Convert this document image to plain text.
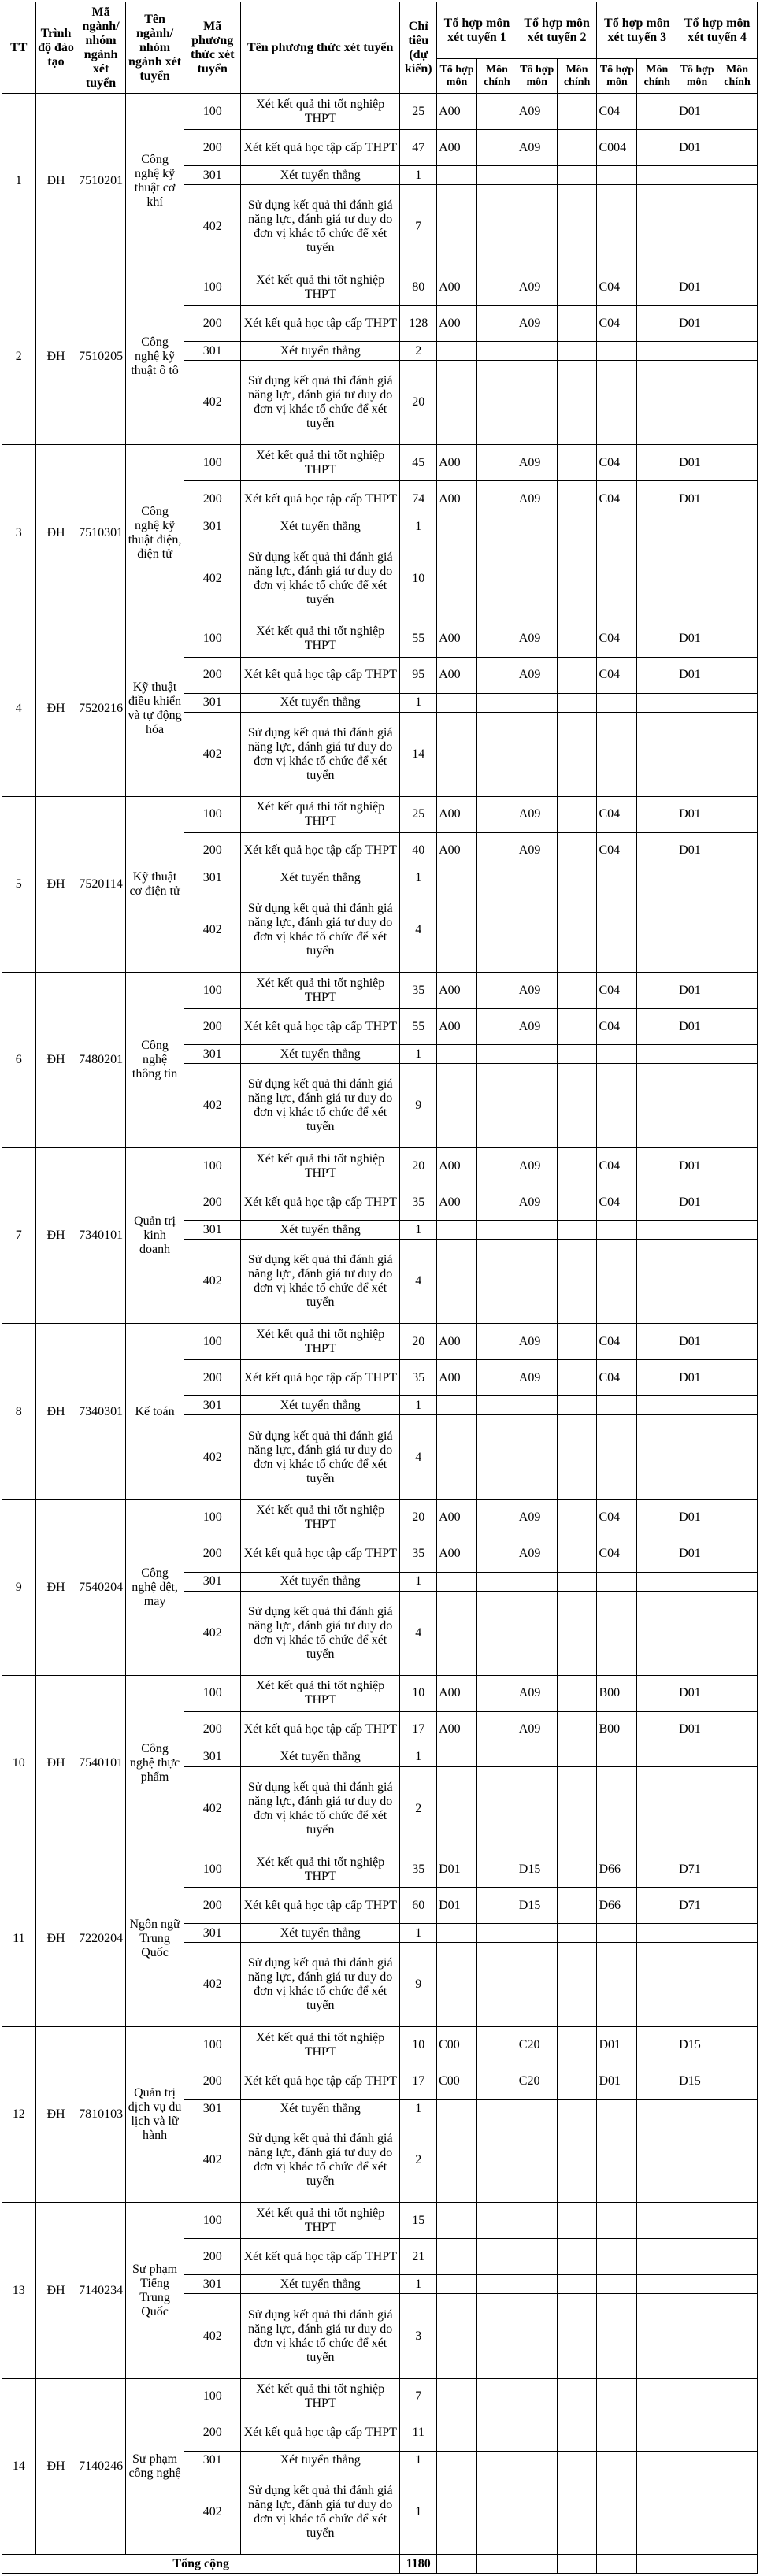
TT	Trình độ đào tạo	Mã ngành/ nhóm ngành xét tuyển	Tên ngành/ nhóm ngành xét tuyển	Mã phương thức xét tuyển	Tên phương thức xét tuyển	Chỉ tiêu (dự kiến)	Tổ hợp môn xét tuyển 1		Tổ hợp môn xét tuyển 2		Tổ hợp môn xét tuyển 3		Tổ hợp môn xét tuyển 4	
							Tổ hợp môn	Môn chính	Tổ hợp môn	Môn chính	Tổ hợp môn	Môn chính	Tổ hợp môn	Môn chính
1	ĐH	7510201	Công nghệ kỹ thuật cơ khí	100	Xét kết quả thi tốt nghiệp THPT	25	A00		A09		C04		D01	
				200	Xét kết quả học tập cấp THPT	47	A00		A09		C004		D01	
				301	Xét tuyển thẳng	1								
				402	Sử dụng kết quả thi đánh giá năng lực, đánh giá tư duy do đơn vị khác tổ chức để xét tuyển	7								
2	ĐH	7510205	Công nghệ kỹ thuật ô tô	100	Xét kết quả thi tốt nghiệp THPT	80	A00		A09		C04		D01	
				200	Xét kết quả học tập cấp THPT	128	A00		A09		C04		D01	
				301	Xét tuyển thẳng	2								
				402	Sử dụng kết quả thi đánh giá năng lực, đánh giá tư duy do đơn vị khác tổ chức để xét tuyển	20								
3	ĐH	7510301	Công nghệ kỹ thuật điện, điện tử	100	Xét kết quả thi tốt nghiệp THPT	45	A00		A09		C04		D01	
				200	Xét kết quả học tập cấp THPT	74	A00		A09		C04		D01	
				301	Xét tuyển thẳng	1								
				402	Sử dụng kết quả thi đánh giá năng lực, đánh giá tư duy do đơn vị khác tổ chức để xét tuyển	10								
4	ĐH	7520216	Kỹ thuật điều khiển và tự động hóa	100	Xét kết quả thi tốt nghiệp THPT	55	A00		A09		C04		D01	
				200	Xét kết quả học tập cấp THPT	95	A00		A09		C04		D01	
				301	Xét tuyển thẳng	1								
				402	Sử dụng kết quả thi đánh giá năng lực, đánh giá tư duy do đơn vị khác tổ chức để xét tuyển	14								
5	ĐH	7520114	Kỹ thuật cơ điện tử	100	Xét kết quả thi tốt nghiệp THPT	25	A00		A09		C04		D01	
				200	Xét kết quả học tập cấp THPT	40	A00		A09		C04		D01	
				301	Xét tuyển thẳng	1								
				402	Sử dụng kết quả thi đánh giá năng lực, đánh giá tư duy do đơn vị khác tổ chức để xét tuyển	4								
6	ĐH	7480201	Công nghệ thông tin	100	Xét kết quả thi tốt nghiệp THPT	35	A00		A09		C04		D01	
				200	Xét kết quả học tập cấp THPT	55	A00		A09		C04		D01	
				301	Xét tuyển thẳng	1								
				402	Sử dụng kết quả thi đánh giá năng lực, đánh giá tư duy do đơn vị khác tổ chức để xét tuyển	9								
7	ĐH	7340101	Quản trị kinh doanh	100	Xét kết quả thi tốt nghiệp THPT	20	A00		A09		C04		D01	
				200	Xét kết quả học tập cấp THPT	35	A00		A09		C04		D01	
				301	Xét tuyển thẳng	1								
				402	Sử dụng kết quả thi đánh giá năng lực, đánh giá tư duy do đơn vị khác tổ chức để xét tuyển	4								
8	ĐH	7340301	Kế toán	100	Xét kết quả thi tốt nghiệp THPT	20	A00		A09		C04		D01	
				200	Xét kết quả học tập cấp THPT	35	A00		A09		C04		D01	
				301	Xét tuyển thẳng	1								
				402	Sử dụng kết quả thi đánh giá năng lực, đánh giá tư duy do đơn vị khác tổ chức để xét tuyển	4								
9	ĐH	7540204	Công nghệ dệt, may	100	Xét kết quả thi tốt nghiệp THPT	20	A00		A09		C04		D01	
				200	Xét kết quả học tập cấp THPT	35	A00		A09		C04		D01	
				301	Xét tuyển thẳng	1								
				402	Sử dụng kết quả thi đánh giá năng lực, đánh giá tư duy do đơn vị khác tổ chức để xét tuyển	4								
10	ĐH	7540101	Công nghệ thực phẩm	100	Xét kết quả thi tốt nghiệp THPT	10	A00		A09		B00		D01	
				200	Xét kết quả học tập cấp THPT	17	A00		A09		B00		D01	
				301	Xét tuyển thẳng	1								
				402	Sử dụng kết quả thi đánh giá năng lực, đánh giá tư duy do đơn vị khác tổ chức để xét tuyển	2								
11	ĐH	7220204	Ngôn ngữ Trung Quốc	100	Xét kết quả thi tốt nghiệp THPT	35	D01		D15		D66		D71	
				200	Xét kết quả học tập cấp THPT	60	D01		D15		D66		D71	
				301	Xét tuyển thẳng	1								
				402	Sử dụng kết quả thi đánh giá năng lực, đánh giá tư duy do đơn vị khác tổ chức để xét tuyển	9								
12	ĐH	7810103	Quản trị dịch vụ du lịch và lữ hành	100	Xét kết quả thi tốt nghiệp THPT	10	C00		C20		D01		D15	
				200	Xét kết quả học tập cấp THPT	17	C00		C20		D01		D15	
				301	Xét tuyển thẳng	1								
				402	Sử dụng kết quả thi đánh giá năng lực, đánh giá tư duy do đơn vị khác tổ chức để xét tuyển	2								
13	ĐH	7140234	Sư phạm Tiếng Trung Quốc	100	Xét kết quả thi tốt nghiệp THPT	15								
				200	Xét kết quả học tập cấp THPT	21								
				301	Xét tuyển thẳng	1								
				402	Sử dụng kết quả thi đánh giá năng lực, đánh giá tư duy do đơn vị khác tổ chức để xét tuyển	3								
14	ĐH	7140246	Sư phạm công nghệ	100	Xét kết quả thi tốt nghiệp THPT	7								
				200	Xét kết quả học tập cấp THPT	11								
				301	Xét tuyển thẳng	1								
				402	Sử dụng kết quả thi đánh giá năng lực, đánh giá tư duy do đơn vị khác tổ chức để xét tuyển	1								
Tổng cộng						1180								
